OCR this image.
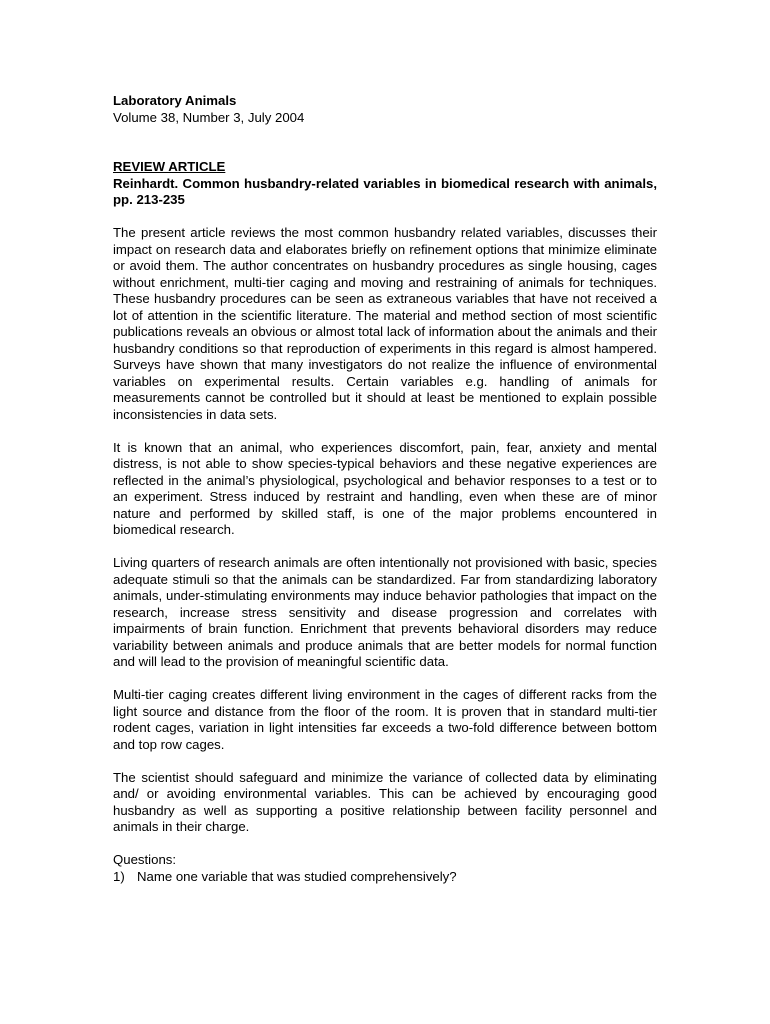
Laboratory Animals

Volume 38, Number 3, July 2004

REVIEW ARTICLE

Reinhardt. Common husbandry-related variables in biomedical research with animals, pp. 213-235

The present article reviews the most common husbandry related variables, discusses their impact on research data and elaborates briefly on refinement options that minimize eliminate or avoid them. The author concentrates on husbandry procedures as single housing, cages without enrichment, multi-tier caging and moving and restraining of animals for techniques. These husbandry procedures can be seen as extraneous variables that have not received a lot of attention in the scientific literature. The material and method section of most scientific publications reveals an obvious or almost total lack of information about the animals and their husbandry conditions so that reproduction of experiments in this regard is almost hampered. Surveys have shown that many investigators do not realize the influence of environmental variables on experimental results. Certain variables e.g. handling of animals for measurements cannot be controlled but it should at least be mentioned to explain possible inconsistencies in data sets.

It is known that an animal, who experiences discomfort, pain, fear, anxiety and mental distress, is not able to show species-typical behaviors and these negative experiences are reflected in the animal’s physiological, psychological and behavior responses to a test or to an experiment. Stress induced by restraint and handling, even when these are of minor nature and performed by skilled staff, is one of the major problems encountered in biomedical research.

Living quarters of research animals are often intentionally not provisioned with basic, species adequate stimuli so that the animals can be standardized. Far from standardizing laboratory animals, under-stimulating environments may induce behavior pathologies that impact on the research, increase stress sensitivity and disease progression and correlates with impairments of brain function. Enrichment that prevents behavioral disorders may reduce variability between animals and produce animals that are better models for normal function and will lead to the provision of meaningful scientific data.

Multi-tier caging creates different living environment in the cages of different racks from the light source and distance from the floor of the room. It is proven that in standard multi-tier rodent cages, variation in light intensities far exceeds a two-fold difference between bottom and top row cages.

The scientist should safeguard and minimize the variance of collected data by eliminating and/ or avoiding environmental variables. This can be achieved by encouraging good husbandry as well as supporting a positive relationship between facility personnel and animals in their charge.

Questions:

1) Name one variable that was studied comprehensively?
